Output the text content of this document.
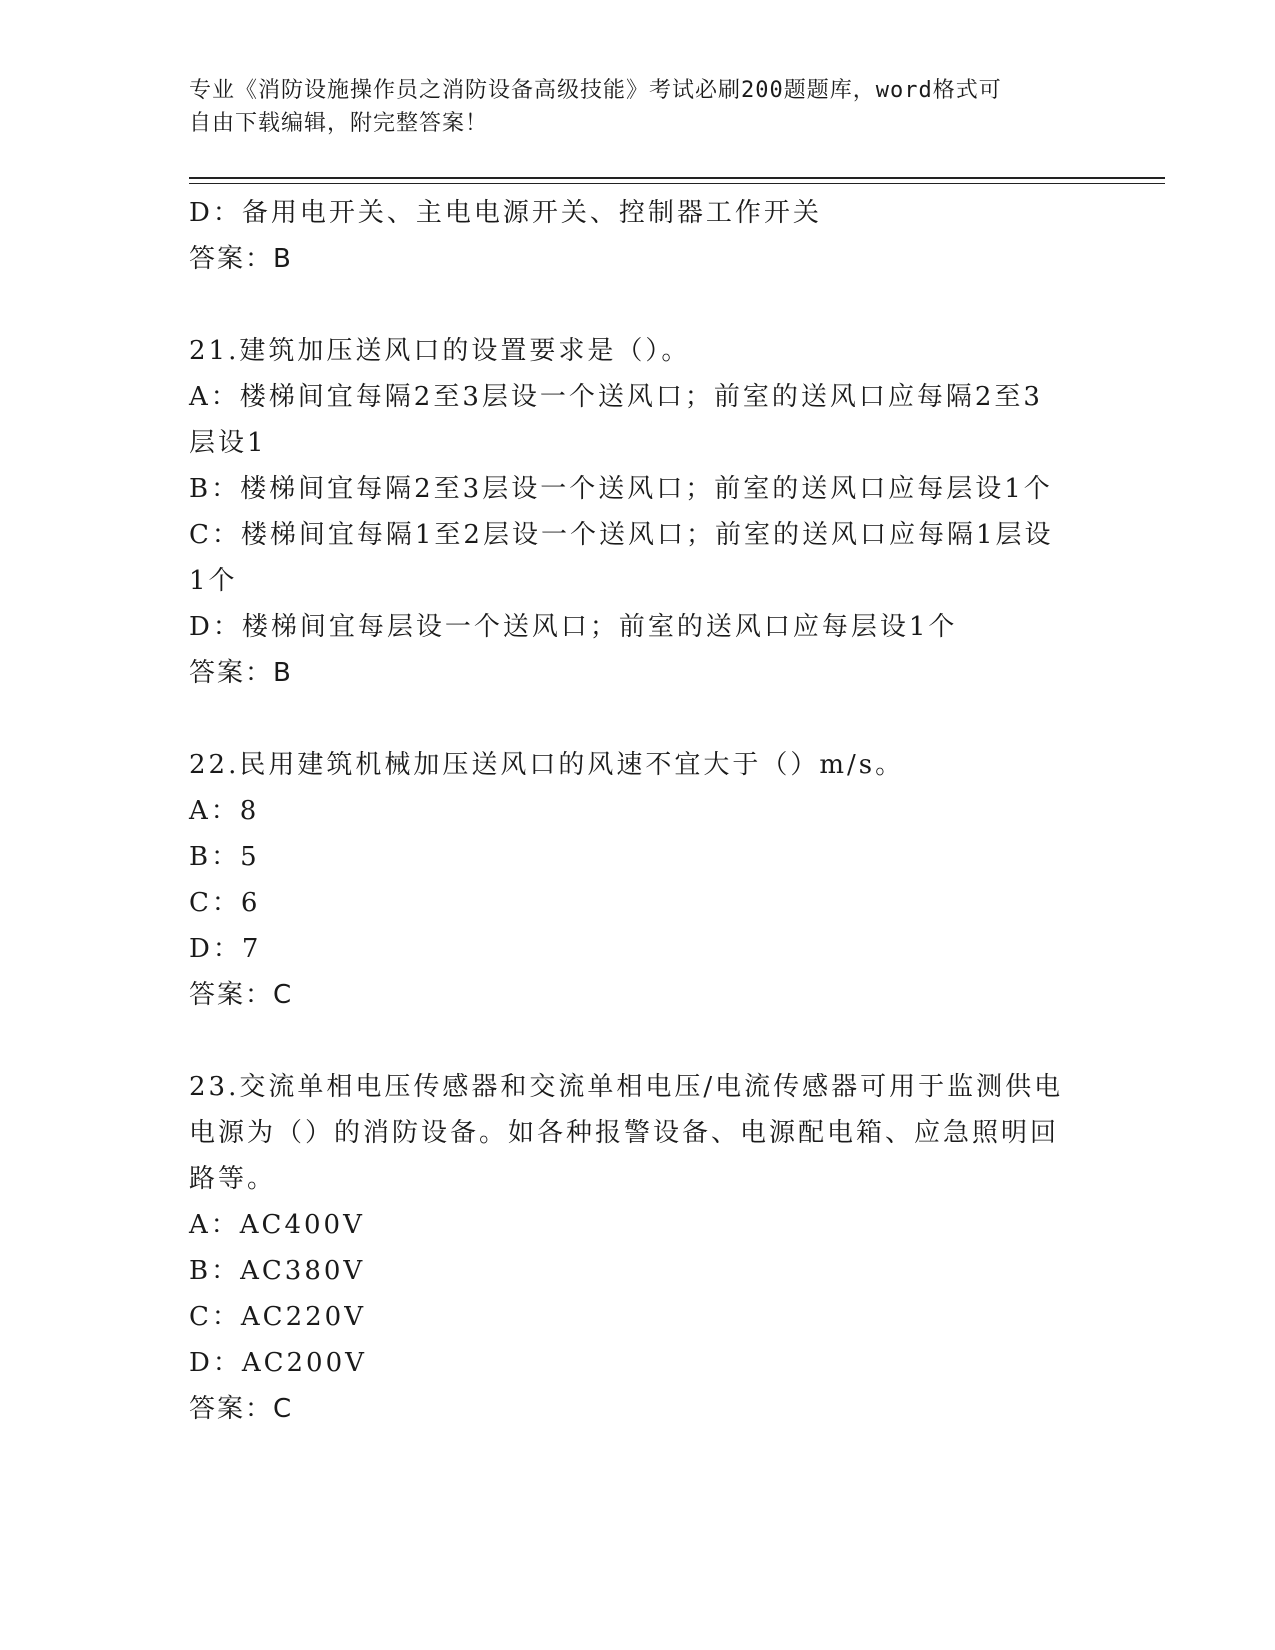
专业《消防设施操作员之消防设备高级技能》考试必刷200题题库，word格式可
自由下载编辑，附完整答案！
D：备用电开关、主电电源开关、控制器工作开关
答案：B
21.建筑加压送风口的设置要求是（）。
A：楼梯间宜每隔2至3层设一个送风口；前室的送风口应每隔2至3
层设1
B：楼梯间宜每隔2至3层设一个送风口；前室的送风口应每层设1个
C：楼梯间宜每隔1至2层设一个送风口；前室的送风口应每隔1层设
1个
D：楼梯间宜每层设一个送风口；前室的送风口应每层设1个
答案：B
22.民用建筑机械加压送风口的风速不宜大于（）m/s。
A：8
B：5
C：6
D：7
答案：C
23.交流单相电压传感器和交流单相电压/电流传感器可用于监测供电
电源为（）的消防设备。如各种报警设备、电源配电箱、应急照明回
路等。
A：AC400V
B：AC380V
C：AC220V
D：AC200V
答案：C
